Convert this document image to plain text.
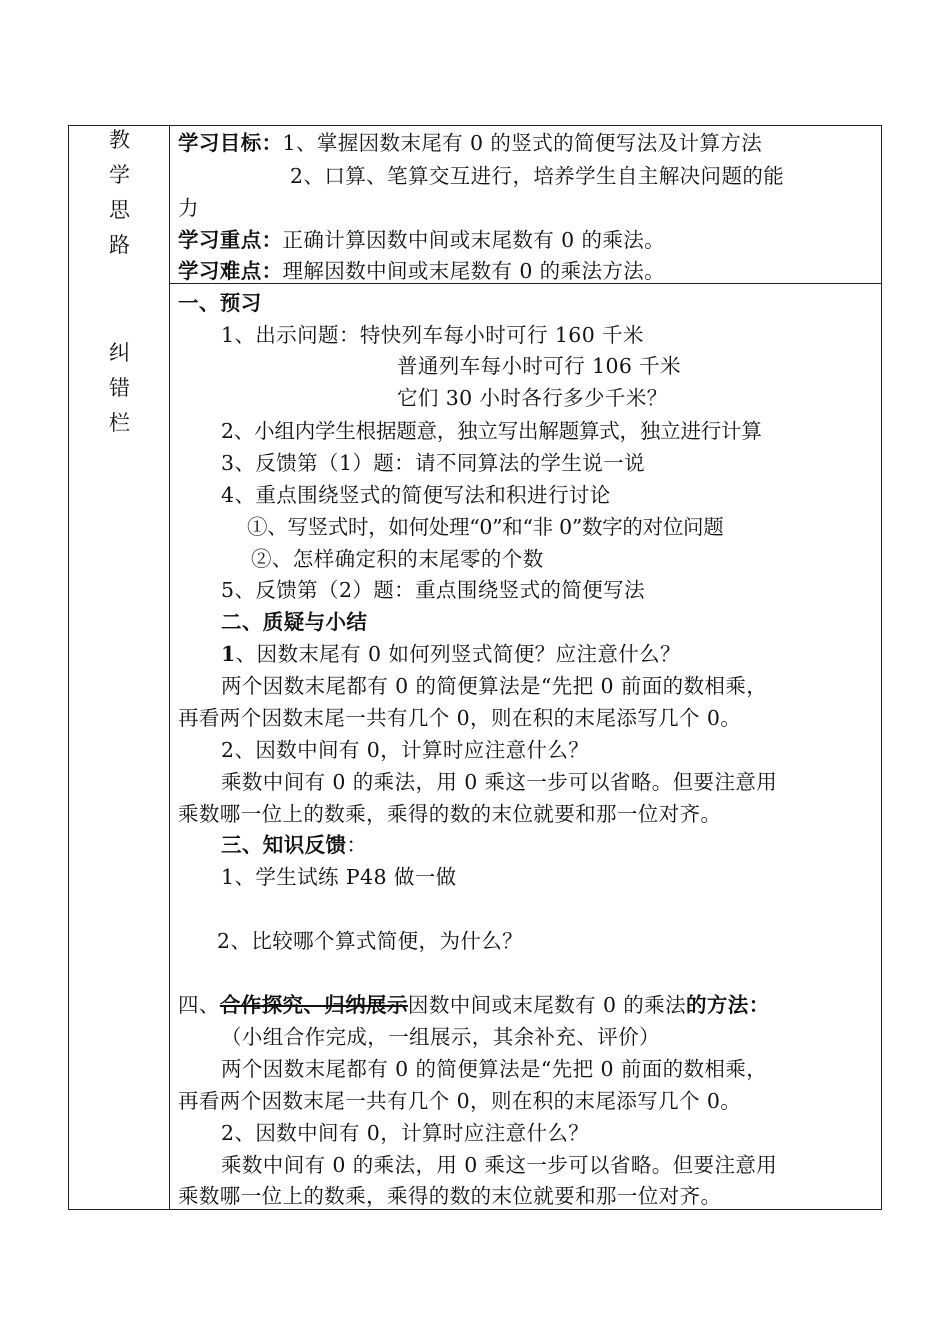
教
学
思
路
纠
错
栏
学习目标：1、掌握因数末尾有 0 的竖式的简便写法及计算方法
2、口算、笔算交互进行，培养学生自主解决问题的能
力
学习重点：正确计算因数中间或末尾数有 0 的乘法。
学习难点：理解因数中间或末尾数有 0 的乘法方法。
一、预习
1、出示问题：特快列车每小时可行 160 千米
普通列车每小时可行 106 千米
它们 30 小时各行多少千米？
2、小组内学生根据题意，独立写出解题算式，独立进行计算
3、反馈第（1）题：请不同算法的学生说一说
4、重点围绕竖式的简便写法和积进行讨论
①、写竖式时，如何处理“0”和“非 0”数字的对位问题
②、怎样确定积的末尾零的个数
5、反馈第（2）题：重点围绕竖式的简便写法
二、质疑与小结
1、因数末尾有 0 如何列竖式简便？应注意什么？
两个因数末尾都有 0 的简便算法是“先把 0 前面的数相乘，
再看两个因数末尾一共有几个 0，则在积的末尾添写几个 0。
2、因数中间有 0，计算时应注意什么？
乘数中间有 0 的乘法，用 0 乘这一步可以省略。但要注意用
乘数哪一位上的数乘，乘得的数的末位就要和那一位对齐。
三、知识反馈：
1、学生试练 P48 做一做
2、比较哪个算式简便，为什么？
四、合作探究、归纳展示因数中间或末尾数有 0 的乘法的方法：
（小组合作完成，一组展示，其余补充、评价）
两个因数末尾都有 0 的简便算法是“先把 0 前面的数相乘，
再看两个因数末尾一共有几个 0，则在积的末尾添写几个 0。
2、因数中间有 0，计算时应注意什么？
乘数中间有 0 的乘法，用 0 乘这一步可以省略。但要注意用
乘数哪一位上的数乘，乘得的数的末位就要和那一位对齐。
